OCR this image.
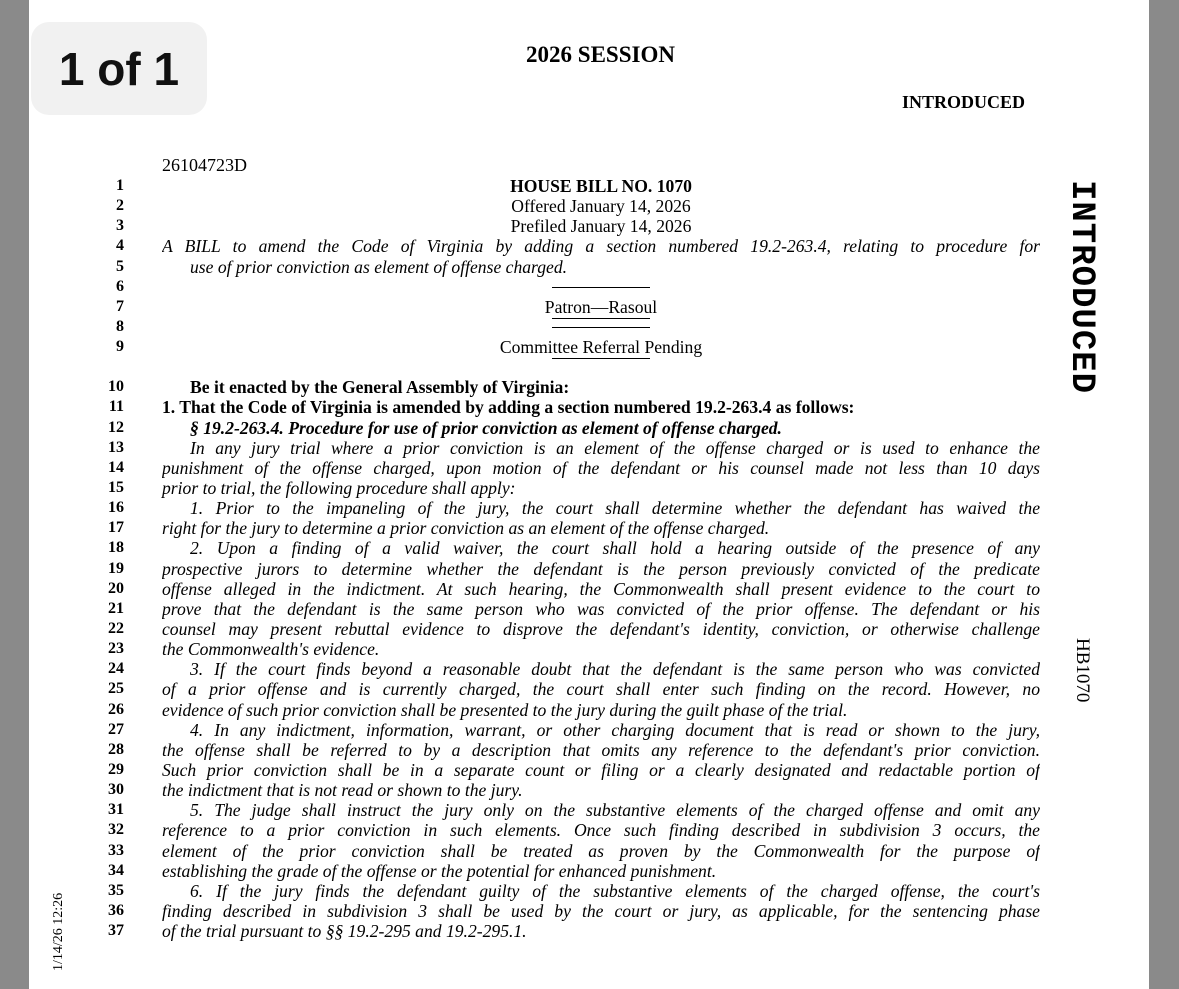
2026 SESSION
INTRODUCED
26104723D
INTRODUCED
HB1070
1/14/26 12:26
1	HOUSE BILL NO. 1070
2	Offered January 14, 2026
3	Prefiled January 14, 2026
4 A BILL to amend the Code of Virginia by adding a section numbered 19.2-263.4, relating to procedure for
5	use of prior conviction as element of offense charged.
6
7	Patron—Rasoul
8
9	Committee Referral Pending
10	Be it enacted by the General Assembly of Virginia:
11 1. That the Code of Virginia is amended by adding a section numbered 19.2-263.4 as follows:
12	§ 19.2-263.4. Procedure for use of prior conviction as element of offense charged.
13	In any jury trial where a prior conviction is an element of the offense charged or is used to enhance the
14 punishment of the offense charged, upon motion of the defendant or his counsel made not less than 10 days
15 prior to trial, the following procedure shall apply:
16	1. Prior to the impaneling of the jury, the court shall determine whether the defendant has waived the
17 right for the jury to determine a prior conviction as an element of the offense charged.
18	2. Upon a finding of a valid waiver, the court shall hold a hearing outside of the presence of any
19 prospective jurors to determine whether the defendant is the person previously convicted of the predicate
20 offense alleged in the indictment. At such hearing, the Commonwealth shall present evidence to the court to
21 prove that the defendant is the same person who was convicted of the prior offense. The defendant or his
22 counsel may present rebuttal evidence to disprove the defendant's identity, conviction, or otherwise challenge
23 the Commonwealth's evidence.
24	3. If the court finds beyond a reasonable doubt that the defendant is the same person who was convicted
25 of a prior offense and is currently charged, the court shall enter such finding on the record. However, no
26 evidence of such prior conviction shall be presented to the jury during the guilt phase of the trial.
27	4. In any indictment, information, warrant, or other charging document that is read or shown to the jury,
28 the offense shall be referred to by a description that omits any reference to the defendant's prior conviction.
29 Such prior conviction shall be in a separate count or filing or a clearly designated and redactable portion of
30 the indictment that is not read or shown to the jury.
31	5. The judge shall instruct the jury only on the substantive elements of the charged offense and omit any
32 reference to a prior conviction in such elements. Once such finding described in subdivision 3 occurs, the
33 element of the prior conviction shall be treated as proven by the Commonwealth for the purpose of
34 establishing the grade of the offense or the potential for enhanced punishment.
35	6. If the jury finds the defendant guilty of the substantive elements of the charged offense, the court's
36 finding described in subdivision 3 shall be used by the court or jury, as applicable, for the sentencing phase
37 of the trial pursuant to §§ 19.2-295 and 19.2-295.1.
1 of 1
